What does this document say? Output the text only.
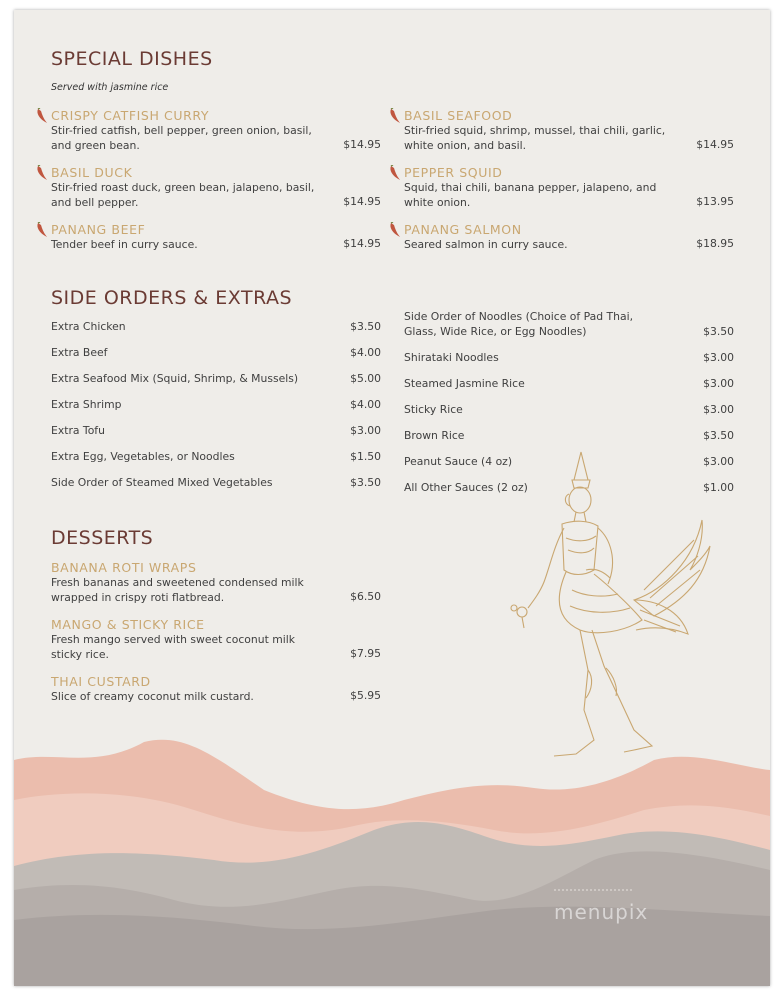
SPECIAL DISHES
Served with jasmine rice
CRISPY CATFISH CURRY
Stir-fried catfish, bell pepper, green onion, basil, and green bean.	$14.95
BASIL DUCK
Stir-fried roast duck, green bean, jalapeno, basil, and bell pepper.	$14.95
PANANG BEEF
Tender beef in curry sauce.	$14.95
BASIL SEAFOOD
Stir-fried squid, shrimp, mussel, thai chili, garlic, white onion, and basil.	$14.95
PEPPER SQUID
Squid, thai chili, banana pepper, jalapeno, and white onion.	$13.95
PANANG SALMON
Seared salmon in curry sauce.	$18.95
SIDE ORDERS & EXTRAS
Extra Chicken	$3.50
Extra Beef	$4.00
Extra Seafood Mix (Squid, Shrimp, & Mussels)	$5.00
Extra Shrimp	$4.00
Extra Tofu	$3.00
Extra Egg, Vegetables, or Noodles	$1.50
Side Order of Steamed Mixed Vegetables	$3.50
Side Order of Noodles (Choice of Pad Thai, Glass, Wide Rice, or Egg Noodles)	$3.50
Shirataki Noodles	$3.00
Steamed Jasmine Rice	$3.00
Sticky Rice	$3.00
Brown Rice	$3.50
Peanut Sauce (4 oz)	$3.00
All Other Sauces (2 oz)	$1.00
DESSERTS
BANANA ROTI WRAPS
Fresh bananas and sweetened condensed milk wrapped in crispy roti flatbread.	$6.50
MANGO & STICKY RICE
Fresh mango served with sweet coconut milk sticky rice.	$7.95
THAI CUSTARD
Slice of creamy coconut milk custard.	$5.95
menupix
